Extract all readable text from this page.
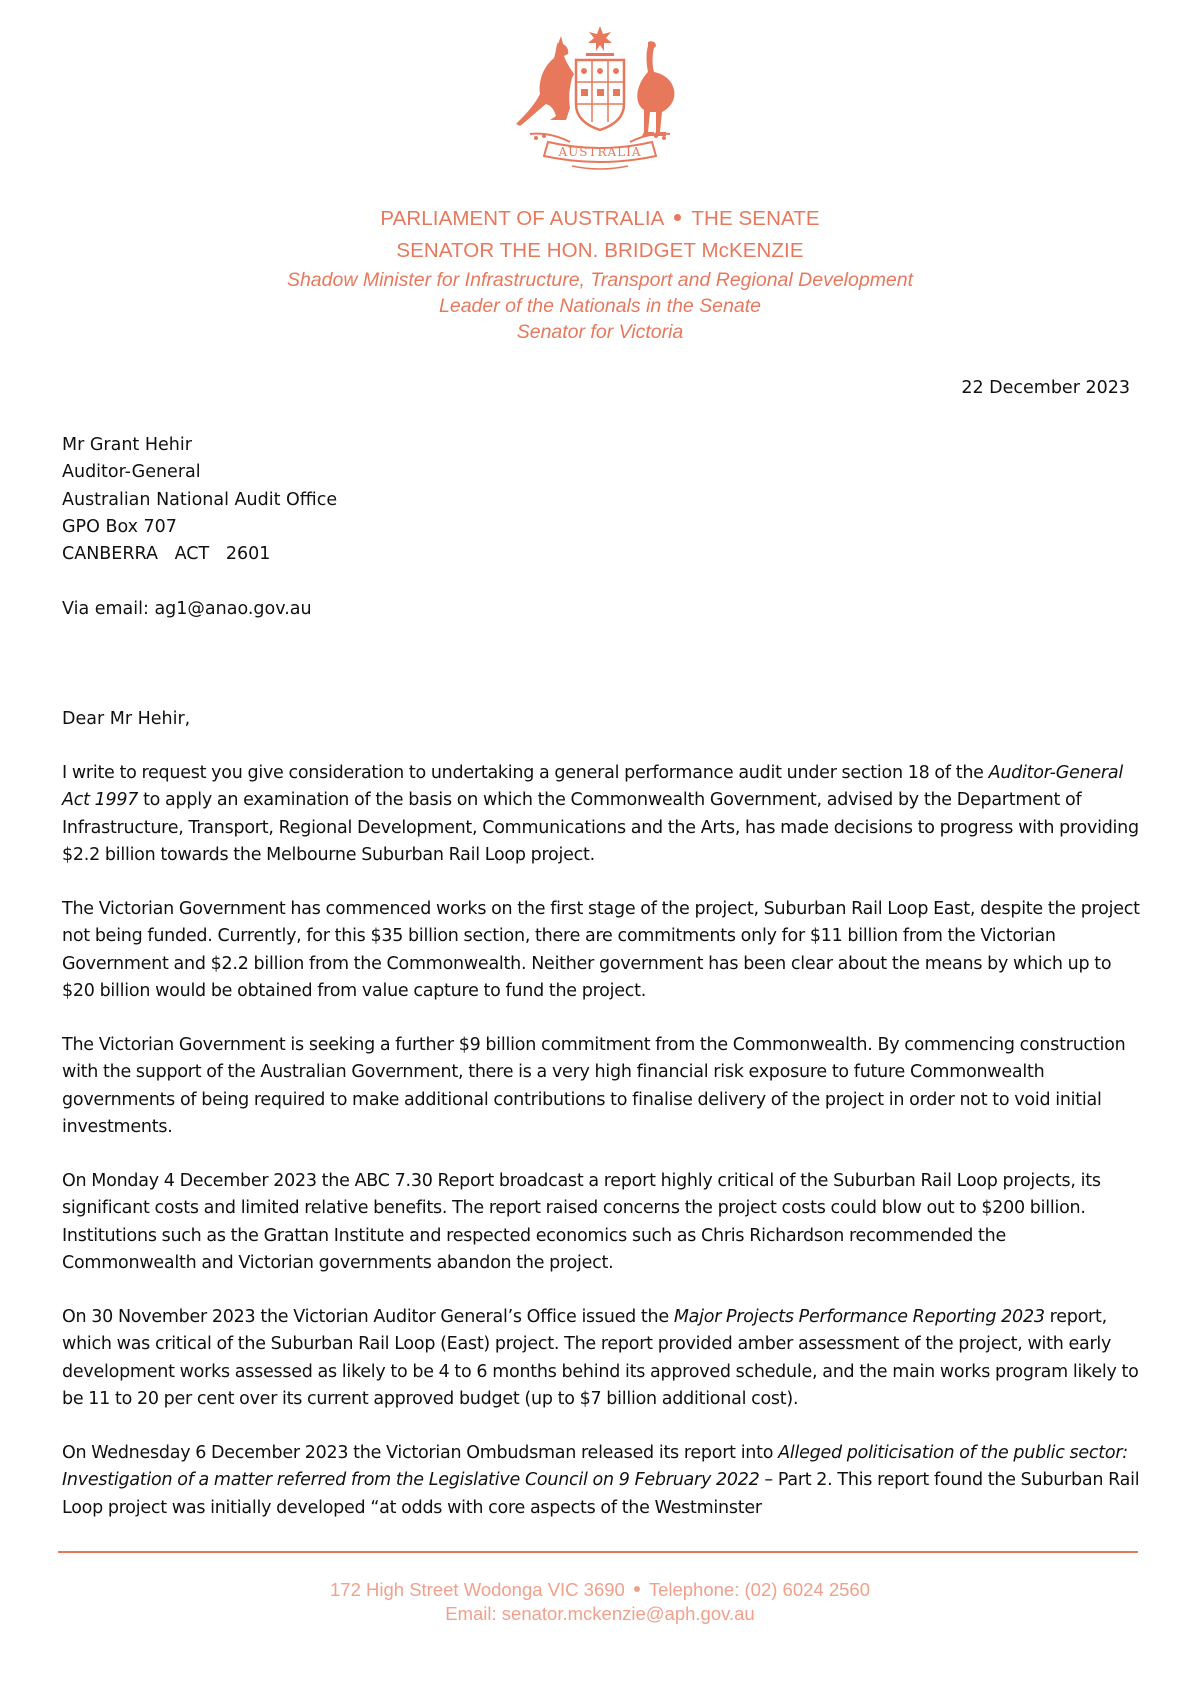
AUSTRALIA
PARLIAMENT OF AUSTRALIA THE SENATE
SENATOR THE HON. BRIDGET McKENZIE
Shadow Minister for Infrastructure, Transport and Regional Development
Leader of the Nationals in the Senate
Senator for Victoria
22 December 2023
Mr Grant Hehir
Auditor-General
Australian National Audit Office
GPO Box 707
CANBERRA   ACT   2601
Via email: ag1@anao.gov.au
Dear Mr Hehir,

I write to request you give consideration to undertaking a general performance audit under section 18 of the Auditor-General Act 1997 to apply an examination of the basis on which the Commonwealth Government, advised by the Department of Infrastructure, Transport, Regional Development, Communications and the Arts, has made decisions to progress with providing $2.2 billion towards the Melbourne Suburban Rail Loop project.

The Victorian Government has commenced works on the first stage of the project, Suburban Rail Loop East, despite the project not being funded. Currently, for this $35 billion section, there are commitments only for $11 billion from the Victorian Government and $2.2 billion from the Commonwealth. Neither government has been clear about the means by which up to $20 billion would be obtained from value capture to fund the project.

The Victorian Government is seeking a further $9 billion commitment from the Commonwealth. By commencing construction with the support of the Australian Government, there is a very high financial risk exposure to future Commonwealth governments of being required to make additional contributions to finalise delivery of the project in order not to void initial investments.

On Monday 4 December 2023 the ABC 7.30 Report broadcast a report highly critical of the Suburban Rail Loop projects, its significant costs and limited relative benefits. The report raised concerns the project costs could blow out to $200 billion. Institutions such as the Grattan Institute and respected economics such as Chris Richardson recommended the Commonwealth and Victorian governments abandon the project.

On 30 November 2023 the Victorian Auditor General’s Office issued the Major Projects Performance Reporting 2023 report, which was critical of the Suburban Rail Loop (East) project. The report provided amber assessment of the project, with early development works assessed as likely to be 4 to 6 months behind its approved schedule, and the main works program likely to be 11 to 20 per cent over its current approved budget (up to $7 billion additional cost).

On Wednesday 6 December 2023 the Victorian Ombudsman released its report into Alleged politicisation of the public sector: Investigation of a matter referred from the Legislative Council on 9 February 2022 – Part 2. This report found the Suburban Rail Loop project was initially developed “at odds with core aspects of the Westminster

172 High Street Wodonga VIC 3690 Telephone: (02) 6024 2560
Email: senator.mckenzie@aph.gov.au
